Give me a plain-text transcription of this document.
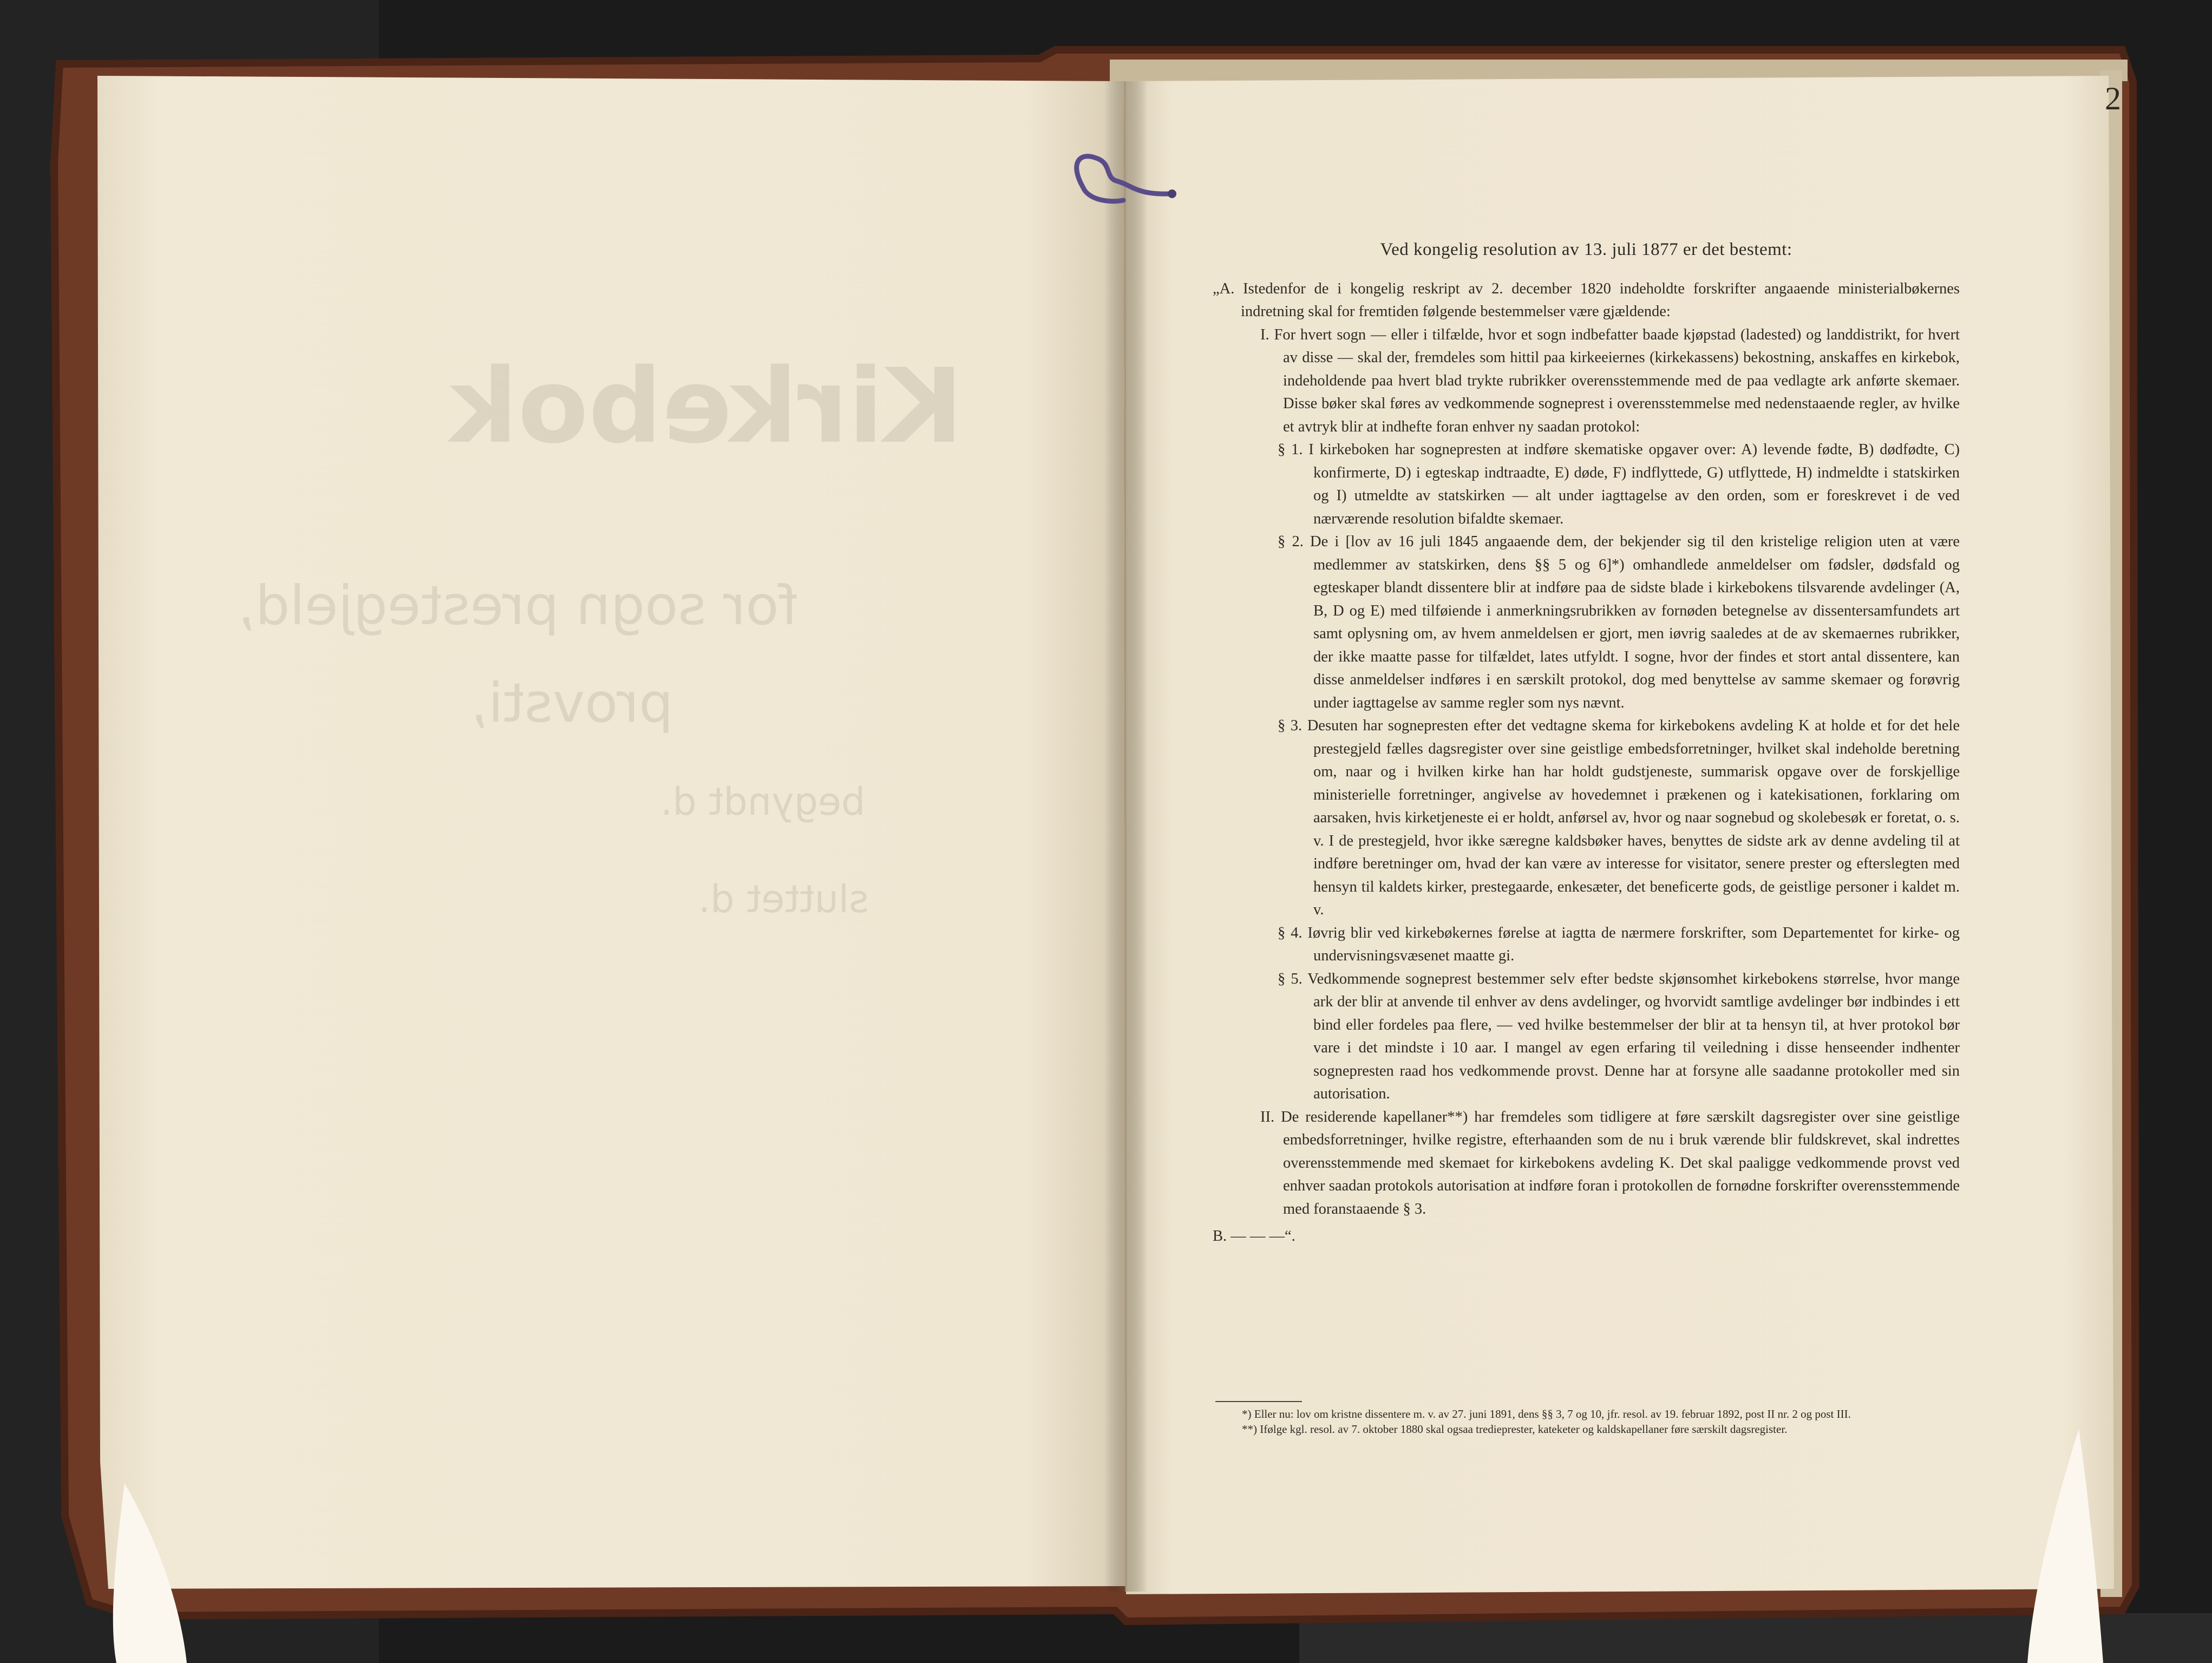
Kirkebok
for sogn prestegjeld,
provsti,
begyndt d.
sluttet d.
2

Ved kongelig resolution av 13. juli 1877 er det bestemt:

„A. Istedenfor de i kongelig reskript av 2. december 1820 indeholdte forskrifter angaaende ministerialbøkernes indretning skal for fremtiden følgende bestemmelser være gjældende:

I. For hvert sogn — eller i tilfælde, hvor et sogn indbefatter baade kjøpstad (ladested) og landdistrikt, for hvert av disse — skal der, fremdeles som hittil paa kirkeeiernes (kirkekassens) bekostning, anskaffes en kirkebok, indeholdende paa hvert blad trykte rubrikker overensstemmende med de paa vedlagte ark anførte skemaer. Disse bøker skal føres av vedkommende sogneprest i overensstemmelse med nedenstaaende regler, av hvilke et avtryk blir at indhefte foran enhver ny saadan protokol:

§ 1. I kirkeboken har sognepresten at indføre skematiske opgaver over: A) levende fødte, B) dødfødte, C) konfirmerte, D) i egteskap indtraadte, E) døde, F) indflyttede, G) utflyttede, H) indmeldte i statskirken og I) utmeldte av statskirken — alt under iagttagelse av den orden, som er foreskrevet i de ved nærværende resolution bifaldte skemaer.

§ 2. De i [lov av 16 juli 1845 angaaende dem, der bekjender sig til den kristelige religion uten at være medlemmer av statskirken, dens §§ 5 og 6]*) omhandlede anmeldelser om fødsler, dødsfald og egteskaper blandt dissentere blir at indføre paa de sidste blade i kirkebokens tilsvarende avdelinger (A, B, D og E) med tilføiende i anmerkningsrubrikken av fornøden betegnelse av dissentersamfundets art samt oplysning om, av hvem anmeldelsen er gjort, men iøvrig saaledes at de av skemaernes rubrikker, der ikke maatte passe for tilfældet, lates utfyldt. I sogne, hvor der findes et stort antal dissentere, kan disse anmeldelser indføres i en særskilt protokol, dog med benyttelse av samme skemaer og forøvrig under iagttagelse av samme regler som nys nævnt.

§ 3. Desuten har sognepresten efter det vedtagne skema for kirkebokens avdeling K at holde et for det hele prestegjeld fælles dagsregister over sine geistlige embedsforretninger, hvilket skal indeholde beretning om, naar og i hvilken kirke han har holdt gudstjeneste, summarisk opgave over de forskjellige ministerielle forretninger, angivelse av hovedemnet i prækenen og i katekisationen, forklaring om aarsaken, hvis kirketjeneste ei er holdt, anførsel av, hvor og naar sognebud og skolebesøk er foretat, o. s. v. I de prestegjeld, hvor ikke særegne kaldsbøker haves, benyttes de sidste ark av denne avdeling til at indføre beretninger om, hvad der kan være av interesse for visitator, senere prester og efterslegten med hensyn til kaldets kirker, prestegaarde, enkesæter, det beneficerte gods, de geistlige personer i kaldet m. v.

§ 4. Iøvrig blir ved kirkebøkernes førelse at iagtta de nærmere forskrifter, som Departementet for kirke- og undervisningsvæsenet maatte gi.

§ 5. Vedkommende sogneprest bestemmer selv efter bedste skjønsomhet kirkebokens størrelse, hvor mange ark der blir at anvende til enhver av dens avdelinger, og hvorvidt samtlige avdelinger bør indbindes i ett bind eller fordeles paa flere, — ved hvilke bestemmelser der blir at ta hensyn til, at hver protokol bør vare i det mindste i 10 aar. I mangel av egen erfaring til veiledning i disse henseender indhenter sognepresten raad hos vedkommende provst. Denne har at forsyne alle saadanne protokoller med sin autorisation.

II. De residerende kapellaner**) har fremdeles som tidligere at føre særskilt dagsregister over sine geistlige embedsforretninger, hvilke registre, efterhaanden som de nu i bruk værende blir fuldskrevet, skal indrettes overensstemmende med skemaet for kirkebokens avdeling K. Det skal paaligge vedkommende provst ved enhver saadan protokols autorisation at indføre foran i protokollen de fornødne forskrifter overensstemmende med foranstaaende § 3.

B. — — —“.

*) Eller nu: lov om kristne dissentere m. v. av 27. juni 1891, dens §§ 3, 7 og 10, jfr. resol. av 19. februar 1892, post II nr. 2 og post III.

**) Ifølge kgl. resol. av 7. oktober 1880 skal ogsaa tredieprester, kateketer og kaldskapellaner føre særskilt dagsregister.
